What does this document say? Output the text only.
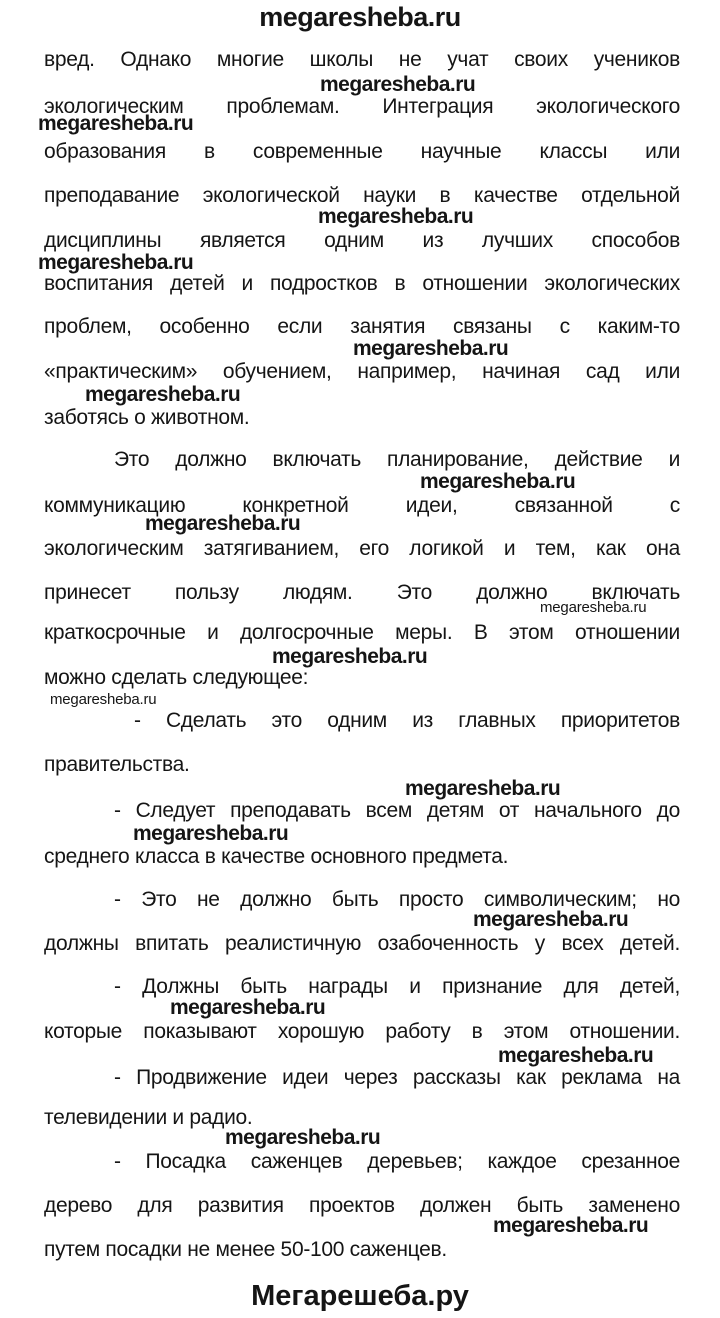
megaresheba.ru
вред. Однако многие школы не учат своих учеников
экологическим проблемам. Интеграция экологического
образования в современные научные классы или
преподавание экологической науки в качестве отдельной
дисциплины является одним из лучших способов
воспитания детей и подростков в отношении экологических
проблем, особенно если занятия связаны с каким-то
«практическим» обучением, например, начиная сад или
заботясь о животном.
Это должно включать планирование, действие и
коммуникацию конкретной идеи, связанной с
экологическим затягиванием, его логикой и тем, как она
принесет пользу людям. Это должно включать
краткосрочные и долгосрочные меры. В этом отношении
можно сделать следующее:
- Сделать это одним из главных приоритетов
правительства.
- Следует преподавать всем детям от начального до
среднего класса в качестве основного предмета.
- Это не должно быть просто символическим; но
должны впитать реалистичную озабоченность у всех детей.
- Должны быть награды и признание для детей,
которые показывают хорошую работу в этом отношении.
- Продвижение идеи через рассказы как реклама на
телевидении и радио.
- Посадка саженцев деревьев; каждое срезанное
дерево для развития проектов должен быть заменено
путем посадки не менее 50-100 саженцев.
megaresheba.ru
megaresheba.ru
megaresheba.ru
megaresheba.ru
megaresheba.ru
megaresheba.ru
megaresheba.ru
megaresheba.ru
megaresheba.ru
megaresheba.ru
megaresheba.ru
megaresheba.ru
megaresheba.ru
megaresheba.ru
megaresheba.ru
megaresheba.ru
megaresheba.ru
megaresheba.ru
Мегарешеба.ру
